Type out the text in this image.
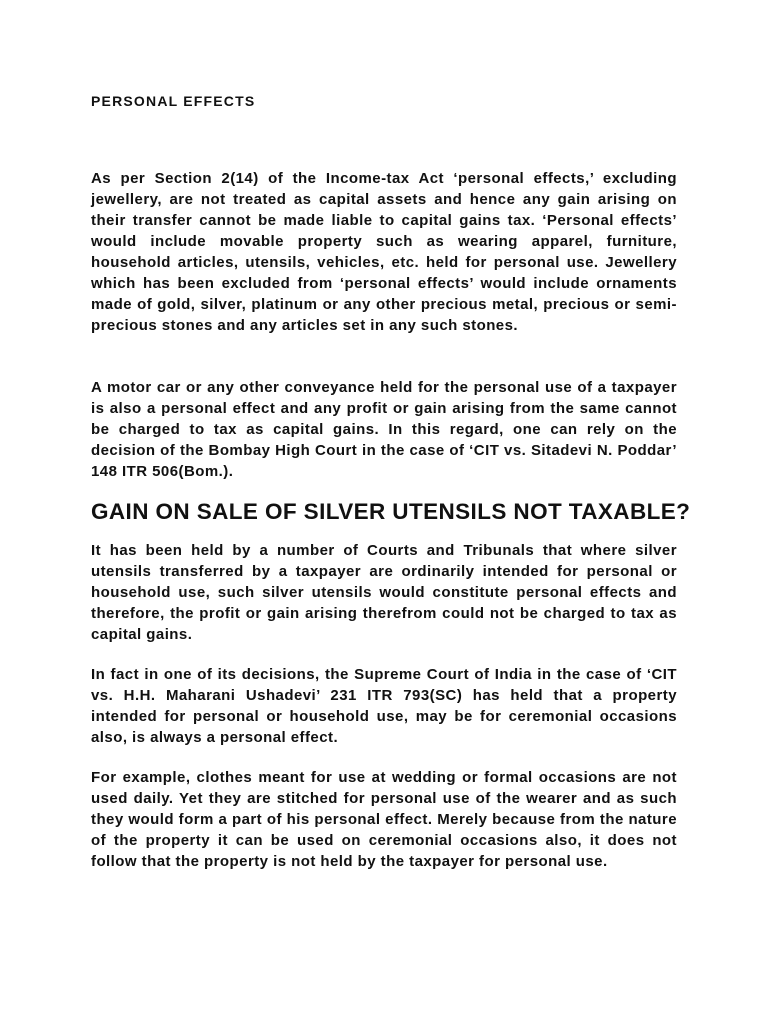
PERSONAL EFFECTS

As per Section 2(14) of the Income-tax Act ‘personal effects,’ excluding jewellery, are not treated as capital assets and hence any gain arising on their transfer cannot be made liable to capital gains tax. ‘Personal effects’ would include movable property such as wearing apparel, furniture, household articles, utensils, vehicles, etc. held for personal use. Jewellery which has been excluded from ‘personal effects’ would include ornaments made of gold, silver, platinum or any other precious metal, precious or semi-precious stones and any articles set in any such stones.

A motor car or any other conveyance held for the personal use of a taxpayer is also a personal effect and any profit or gain arising from the same cannot be charged to tax as capital gains. In this regard, one can rely on the decision of the Bombay High Court in the case of ‘CIT vs. Sitadevi N. Poddar’ 148 ITR 506(Bom.).

GAIN ON SALE OF SILVER UTENSILS NOT TAXABLE?

It has been held by a number of Courts and Tribunals that where silver utensils transferred by a taxpayer are ordinarily intended for personal or household use, such silver utensils would constitute personal effects and therefore, the profit or gain arising therefrom could not be charged to tax as capital gains.

In fact in one of its decisions, the Supreme Court of India in the case of ‘CIT vs. H.H. Maharani Ushadevi’ 231 ITR 793(SC) has held that a property intended for personal or household use, may be for ceremonial occasions also, is always a personal effect.

For example, clothes meant for use at wedding or formal occasions are not used daily. Yet they are stitched for personal use of the wearer and as such they would form a part of his personal effect. Merely because from the nature of the property it can be used on ceremonial occasions also, it does not follow that the property is not held by the taxpayer for personal use.
